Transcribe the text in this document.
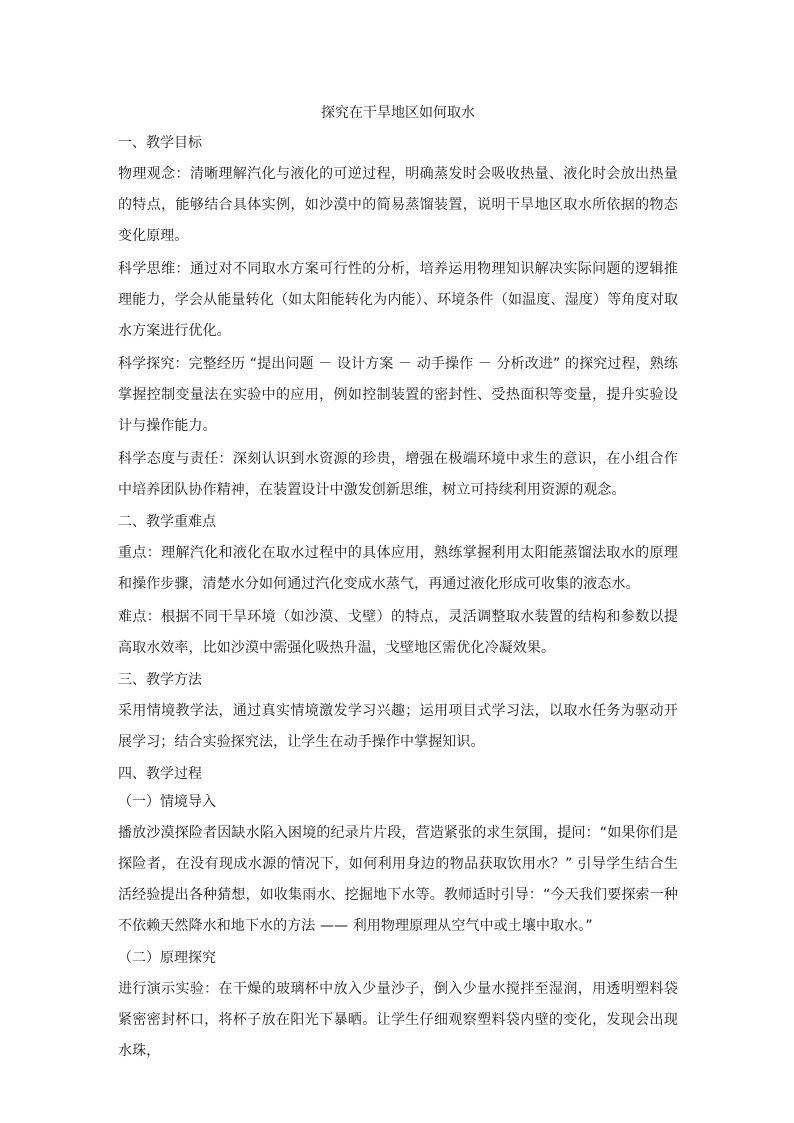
探究在干旱地区如何取水
一、教学目标

物理观念：清晰理解汽化与液化的可逆过程，明确蒸发时会吸收热量、液化时会放出热量的特点，能够结合具体实例，如沙漠中的简易蒸馏装置，说明干旱地区取水所依据的物态变化原理。

科学思维：通过对不同取水方案可行性的分析，培养运用物理知识解决实际问题的逻辑推理能力，学会从能量转化（如太阳能转化为内能）、环境条件（如温度、湿度）等角度对取水方案进行优化。

科学探究：完整经历 “提出问题 － 设计方案 － 动手操作 － 分析改进” 的探究过程，熟练掌握控制变量法在实验中的应用，例如控制装置的密封性、受热面积等变量，提升实验设计与操作能力。

科学态度与责任：深刻认识到水资源的珍贵，增强在极端环境中求生的意识，在小组合作中培养团队协作精神，在装置设计中激发创新思维，树立可持续利用资源的观念。

二、教学重难点

重点：理解汽化和液化在取水过程中的具体应用，熟练掌握利用太阳能蒸馏法取水的原理和操作步骤，清楚水分如何通过汽化变成水蒸气，再通过液化形成可收集的液态水。

难点：根据不同干旱环境（如沙漠、戈壁）的特点，灵活调整取水装置的结构和参数以提高取水效率，比如沙漠中需强化吸热升温，戈壁地区需优化冷凝效果。

三、教学方法

采用情境教学法，通过真实情境激发学习兴趣；运用项目式学习法，以取水任务为驱动开展学习；结合实验探究法，让学生在动手操作中掌握知识。

四、教学过程
（一）情境导入

播放沙漠探险者因缺水陷入困境的纪录片片段，营造紧张的求生氛围，提问：“如果你们是探险者，在没有现成水源的情况下，如何利用身边的物品获取饮用水？” 引导学生结合生活经验提出各种猜想，如收集雨水、挖掘地下水等。教师适时引导：“今天我们要探索一种不依赖天然降水和地下水的方法 —— 利用物理原理从空气中或土壤中取水。”

（二）原理探究

进行演示实验：在干燥的玻璃杯中放入少量沙子，倒入少量水搅拌至湿润，用透明塑料袋紧密密封杯口，将杯子放在阳光下暴晒。让学生仔细观察塑料袋内壁的变化，发现会出现水珠，
